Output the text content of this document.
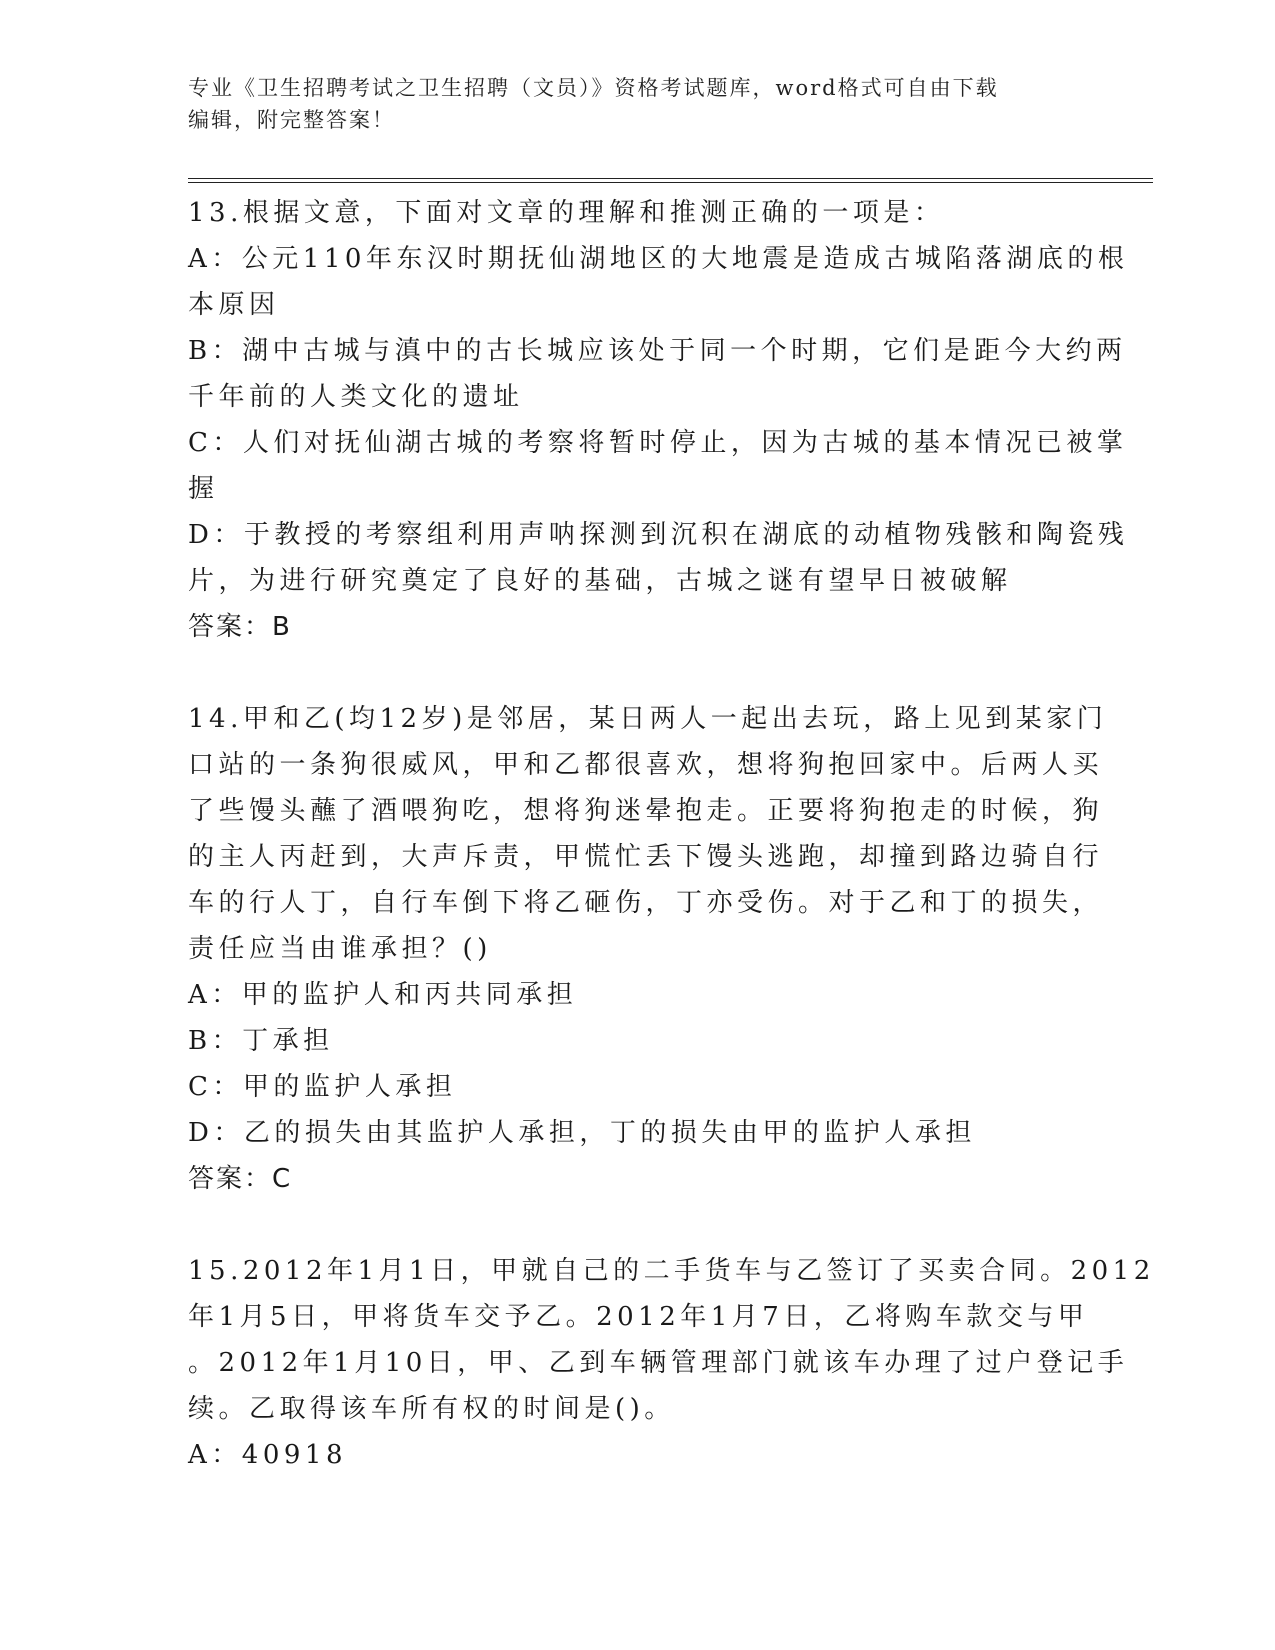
专业《卫生招聘考试之卫生招聘（文员）》资格考试题库，word格式可自由下载
编辑，附完整答案！
13.根据文意，下面对文章的理解和推测正确的一项是：
A：公元110年东汉时期抚仙湖地区的大地震是造成古城陷落湖底的根
本原因
B：湖中古城与滇中的古长城应该处于同一个时期，它们是距今大约两
千年前的人类文化的遗址
C：人们对抚仙湖古城的考察将暂时停止，因为古城的基本情况已被掌
握
D：于教授的考察组利用声呐探测到沉积在湖底的动植物残骸和陶瓷残
片，为进行研究奠定了良好的基础，古城之谜有望早日被破解
答案：B
14.甲和乙(均12岁)是邻居，某日两人一起出去玩，路上见到某家门
口站的一条狗很威风，甲和乙都很喜欢，想将狗抱回家中。后两人买
了些馒头蘸了酒喂狗吃，想将狗迷晕抱走。正要将狗抱走的时候，狗
的主人丙赶到，大声斥责，甲慌忙丢下馒头逃跑，却撞到路边骑自行
车的行人丁，自行车倒下将乙砸伤，丁亦受伤。对于乙和丁的损失，
责任应当由谁承担？()
A：甲的监护人和丙共同承担
B：丁承担
C：甲的监护人承担
D：乙的损失由其监护人承担，丁的损失由甲的监护人承担
答案：C
15.2012年1月1日，甲就自己的二手货车与乙签订了买卖合同。2012
年1月5日，甲将货车交予乙。2012年1月7日，乙将购车款交与甲
。2012年1月10日，甲、乙到车辆管理部门就该车办理了过户登记手
续。乙取得该车所有权的时间是()。
A：40918
